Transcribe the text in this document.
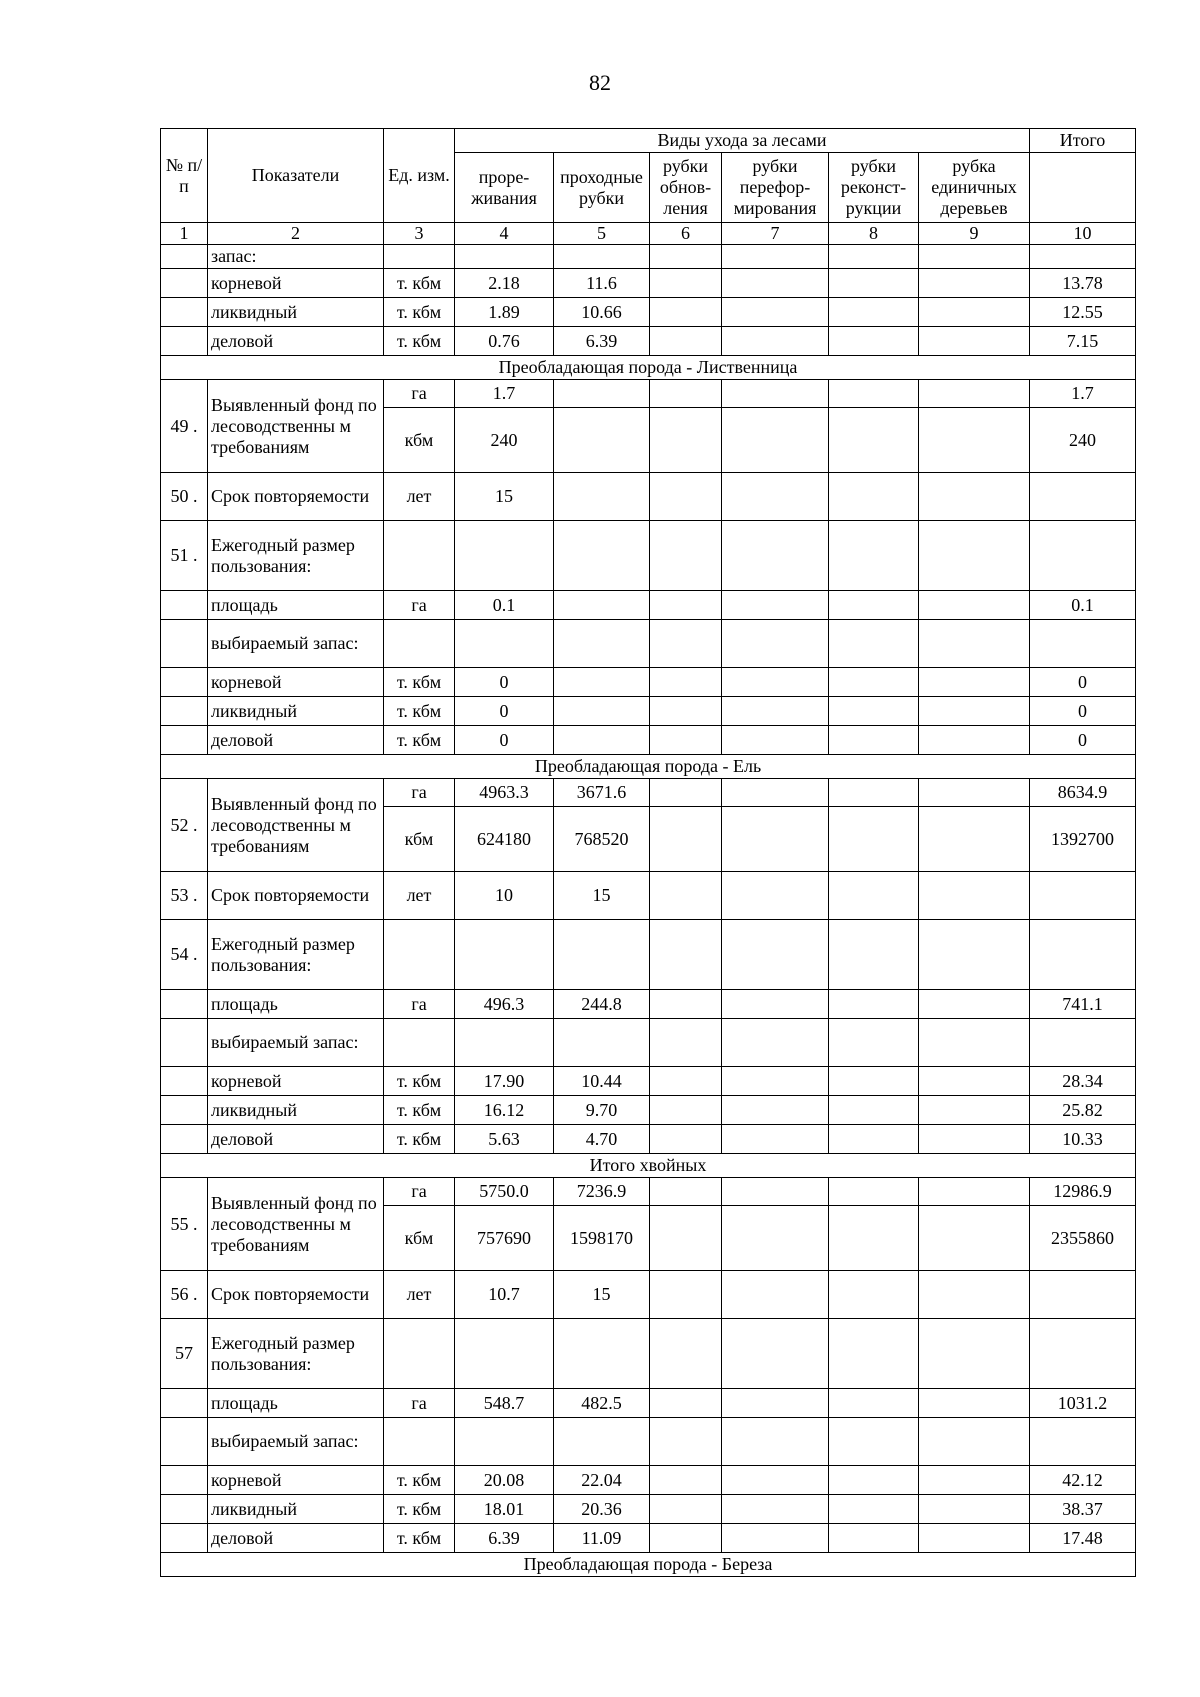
82
№ п/п	Показатели	Ед. изм.	Виды ухода за лесами						Итого
			проре-живания	проходные рубки	рубки обнов-ления	рубки перефор-мирования	рубки реконст-рукции	рубка единичных деревьев	
1	2	3	4	5	6	7	8	9	10
	запас:								
	корневой	т. кбм	2.18	11.6					13.78
	ликвидный	т. кбм	1.89	10.66					12.55
	деловой	т. кбм	0.76	6.39					7.15
Преобладающая порода - Лиственница									
49 .	Выявленный фонд по лесоводственны м требованиям	га	1.7						1.7
		кбм	240						240
50 .	Срок повторяемости	лет	15						
51 .	Ежегодный размер пользования:								
	площадь	га	0.1						0.1
	выбираемый запас:								
	корневой	т. кбм	0						0
	ликвидный	т. кбм	0						0
	деловой	т. кбм	0						0
Преобладающая порода - Ель									
52 .	Выявленный фонд по лесоводственны м требованиям	га	4963.3	3671.6					8634.9
		кбм	624180	768520					1392700
53 .	Срок повторяемости	лет	10	15					
54 .	Ежегодный размер пользования:								
	площадь	га	496.3	244.8					741.1
	выбираемый запас:								
	корневой	т. кбм	17.90	10.44					28.34
	ликвидный	т. кбм	16.12	9.70					25.82
	деловой	т. кбм	5.63	4.70					10.33
Итого хвойных									
55 .	Выявленный фонд по лесоводственны м требованиям	га	5750.0	7236.9					12986.9
		кбм	757690	1598170					2355860
56 .	Срок повторяемости	лет	10.7	15					
57	Ежегодный размер пользования:								
	площадь	га	548.7	482.5					1031.2
	выбираемый запас:								
	корневой	т. кбм	20.08	22.04					42.12
	ликвидный	т. кбм	18.01	20.36					38.37
	деловой	т. кбм	6.39	11.09					17.48
Преобладающая порода - Береза									
